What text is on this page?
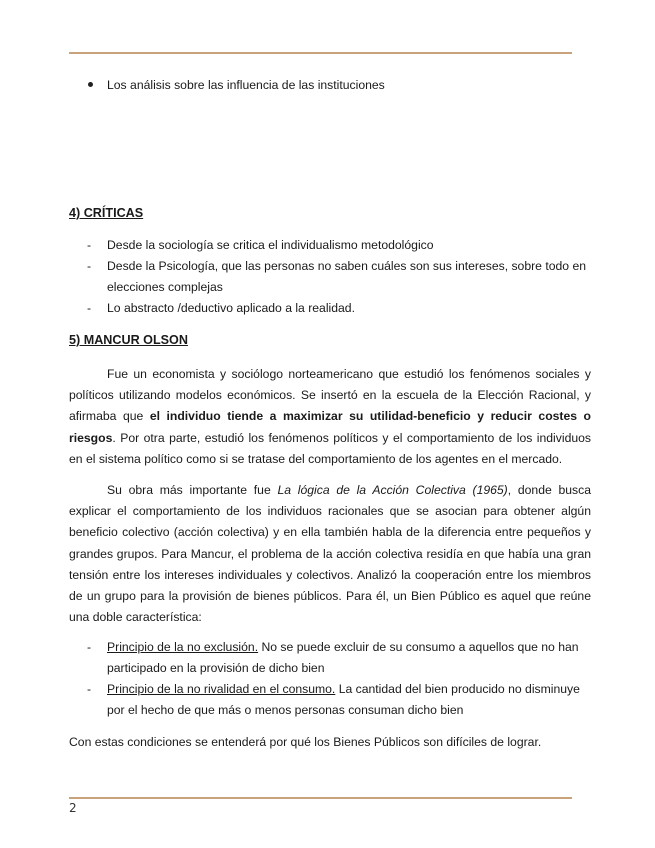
Los análisis sobre las influencia de las instituciones
4) CRÍTICAS
- Desde la sociología se critica el individualismo metodológico
- Desde la Psicología, que las personas no saben cuáles son sus intereses, sobre todo en elecciones complejas
- Lo abstracto /deductivo aplicado a la realidad.
5) MANCUR OLSON

Fue un economista y sociólogo norteamericano que estudió los fenómenos sociales y políticos utilizando modelos económicos. Se insertó en la escuela de la Elección Racional, y afirmaba que el individuo tiende a maximizar su utilidad-beneficio y reducir costes o riesgos. Por otra parte, estudió los fenómenos políticos y el comportamiento de los individuos en el sistema político como si se tratase del comportamiento de los agentes en el mercado.

Su obra más importante fue La lógica de la Acción Colectiva (1965), donde busca explicar el comportamiento de los individuos racionales que se asocian para obtener algún beneficio colectivo (acción colectiva) y en ella también habla de la diferencia entre pequeños y grandes grupos. Para Mancur, el problema de la acción colectiva residía en que había una gran tensión entre los intereses individuales y colectivos. Analizó la cooperación entre los miembros de un grupo para la provisión de bienes públicos. Para él, un Bien Público es aquel que reúne una doble característica:

- Principio de la no exclusión. No se puede excluir de su consumo a aquellos que no han participado en la provisión de dicho bien
- Principio de la no rivalidad en el consumo. La cantidad del bien producido no disminuye por el hecho de que más o menos personas consuman dicho bien

Con estas condiciones se entenderá por qué los Bienes Públicos son difíciles de lograr.

2
